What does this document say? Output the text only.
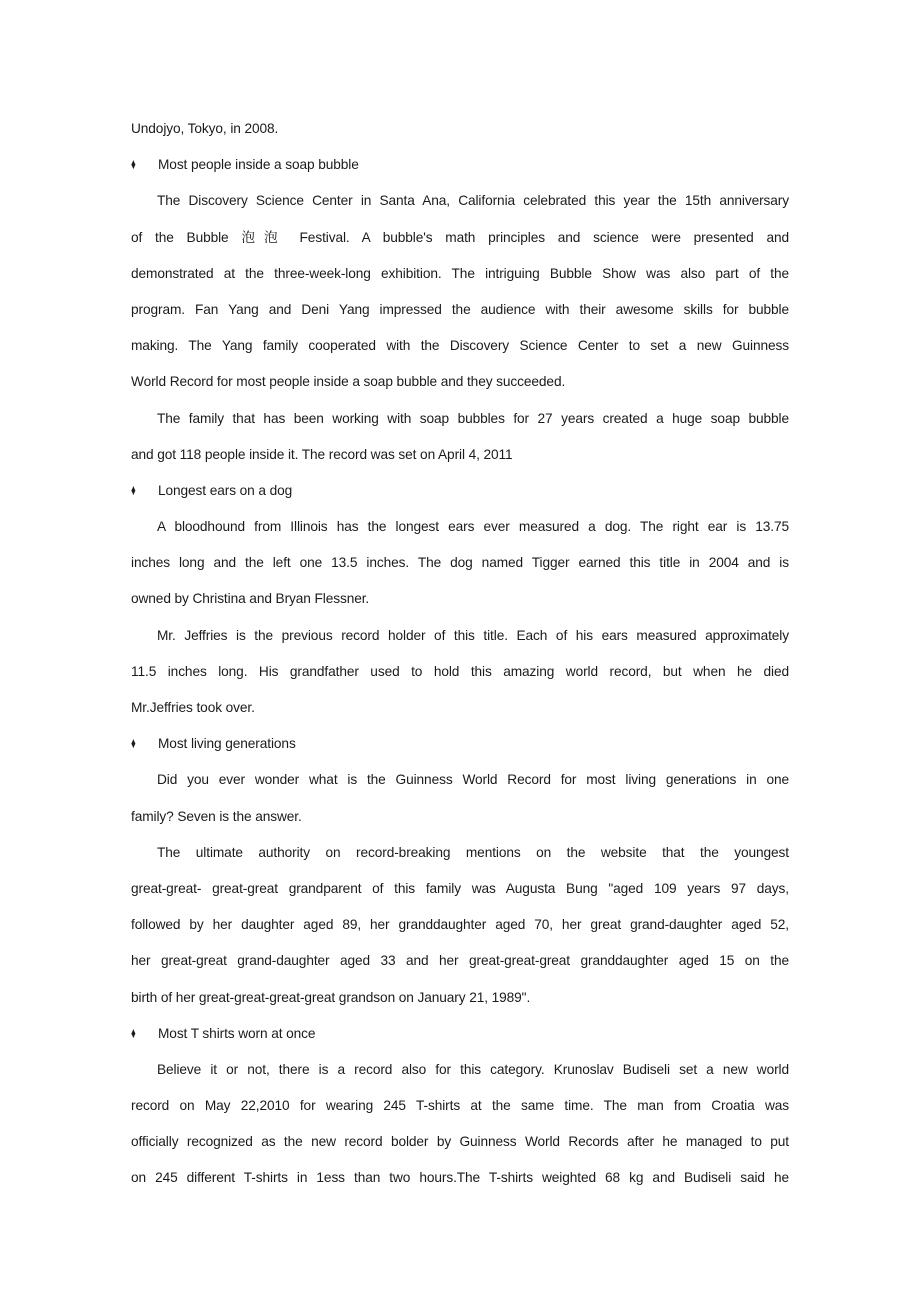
Undojyo, Tokyo, in 2008.
♦ Most people inside a soap bubble
The Discovery Science Center in Santa Ana, California celebrated this year the 15th anniversary
of the Bubble 泡泡 Festival. A bubble's math principles and science were presented and
demonstrated at the three-week-long exhibition. The intriguing Bubble Show was also part of the
program. Fan Yang and Deni Yang impressed the audience with their awesome skills for bubble
making. The Yang family cooperated with the Discovery Science Center to set a new Guinness
World Record for most people inside a soap bubble and they succeeded.
The family that has been working with soap bubbles for 27 years created a huge soap bubble
and got 118 people inside it. The record was set on April 4, 2011
♦ Longest ears on a dog
A bloodhound from Illinois has the longest ears ever measured a dog. The right ear is 13.75
inches long and the left one 13.5 inches. The dog named Tigger earned this title in 2004 and is
owned by Christina and Bryan Flessner.
Mr. Jeffries is the previous record holder of this title. Each of his ears measured approximately
11.5 inches long. His grandfather used to hold this amazing world record, but when he died
Mr.Jeffries took over.
♦ Most living generations
Did you ever wonder what is the Guinness World Record for most living generations in one
family? Seven is the answer.
The ultimate authority on record-breaking mentions on the website that the youngest
great-great- great-great grandparent of this family was Augusta Bung "aged 109 years 97 days,
followed by her daughter aged 89, her granddaughter aged 70, her great grand-daughter aged 52,
her great-great grand-daughter aged 33 and her great-great-great granddaughter aged 15 on the
birth of her great-great-great-great grandson on January 21, 1989".
♦ Most T shirts worn at once
Believe it or not, there is a record also for this category. Krunoslav Budiseli set a new world
record on May 22,2010 for wearing 245 T-shirts at the same time. The man from Croatia was
officially recognized as the new record bolder by Guinness World Records after he managed to put
on 245 different T-shirts in 1ess than two hours.The T-shirts weighted 68 kg and Budiseli said he
